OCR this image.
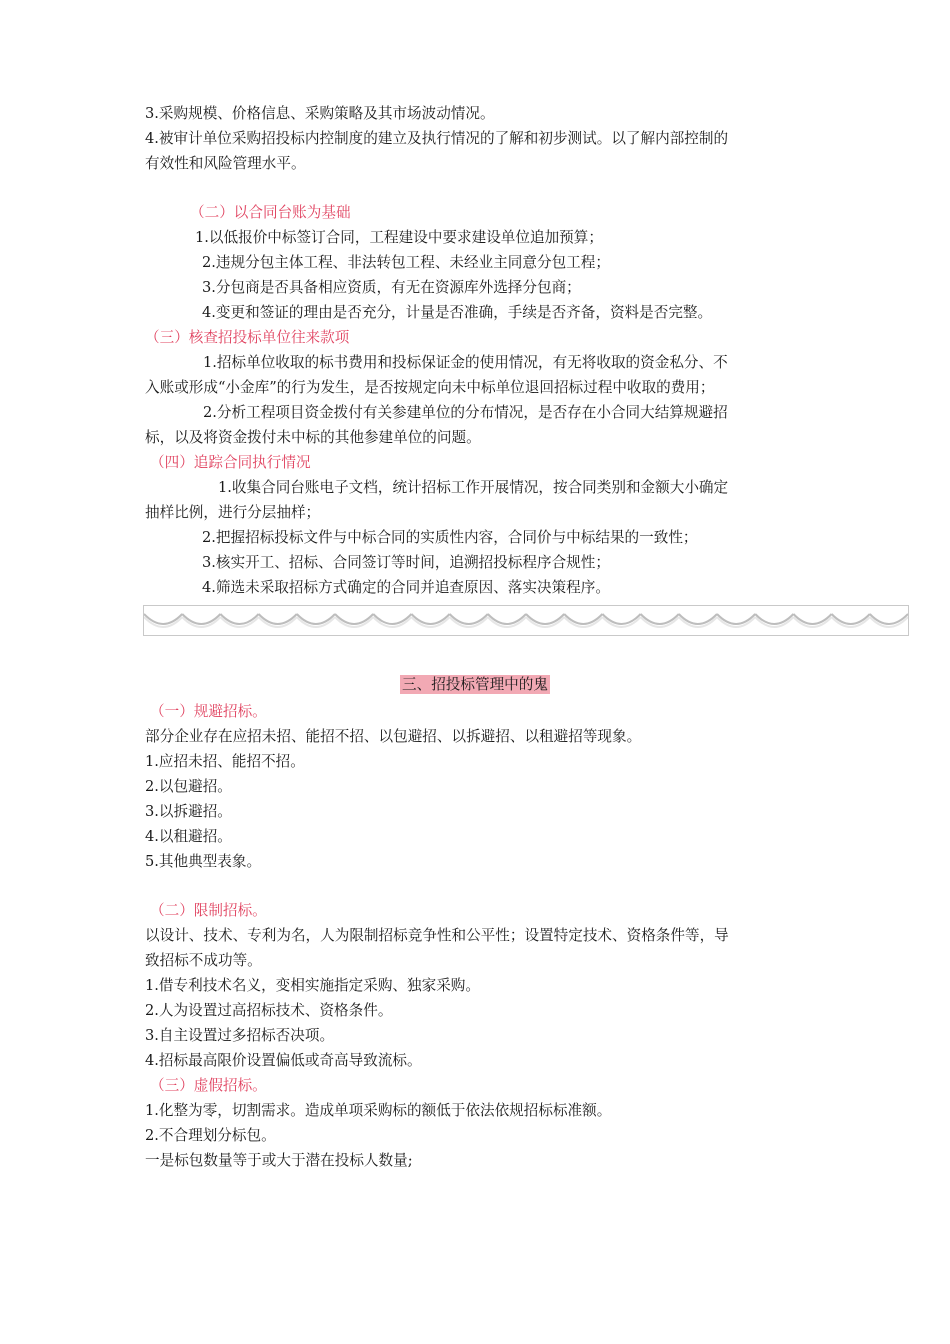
3.采购规模、价格信息、采购策略及其市场波动情况。
4.被审计单位采购招投标内控制度的建立及执行情况的了解和初步测试。以了解内部控制的
有效性和风险管理水平。
（二）以合同台账为基础
1.以低报价中标签订合同，工程建设中要求建设单位追加预算；
2.违规分包主体工程、非法转包工程、未经业主同意分包工程；
3.分包商是否具备相应资质，有无在资源库外选择分包商；
4.变更和签证的理由是否充分，计量是否准确，手续是否齐备，资料是否完整。
（三）核查招投标单位往来款项
1.招标单位收取的标书费用和投标保证金的使用情况，有无将收取的资金私分、不
入账或形成“小金库”的行为发生，是否按规定向未中标单位退回招标过程中收取的费用；
2.分析工程项目资金拨付有关参建单位的分布情况，是否存在小合同大结算规避招
标，以及将资金拨付未中标的其他参建单位的问题。
（四）追踪合同执行情况
1.收集合同台账电子文档，统计招标工作开展情况，按合同类别和金额大小确定
抽样比例，进行分层抽样；
2.把握招标投标文件与中标合同的实质性内容，合同价与中标结果的一致性；
3.核实开工、招标、合同签订等时间，追溯招投标程序合规性；
4.筛选未采取招标方式确定的合同并追查原因、落实决策程序。
三、招投标管理中的鬼
（一）规避招标。
部分企业存在应招未招、能招不招、以包避招、以拆避招、以租避招等现象。
1.应招未招、能招不招。
2.以包避招。
3.以拆避招。
4.以租避招。
5.其他典型表象。
（二）限制招标。
以设计、技术、专利为名，人为限制招标竞争性和公平性；设置特定技术、资格条件等，导
致招标不成功等。
1.借专利技术名义，变相实施指定采购、独家采购。
2.人为设置过高招标技术、资格条件。
3.自主设置过多招标否决项。
4.招标最高限价设置偏低或奇高导致流标。
（三）虚假招标。
1.化整为零，切割需求。造成单项采购标的额低于依法依规招标标准额。
2.不合理划分标包。
一是标包数量等于或大于潜在投标人数量;
